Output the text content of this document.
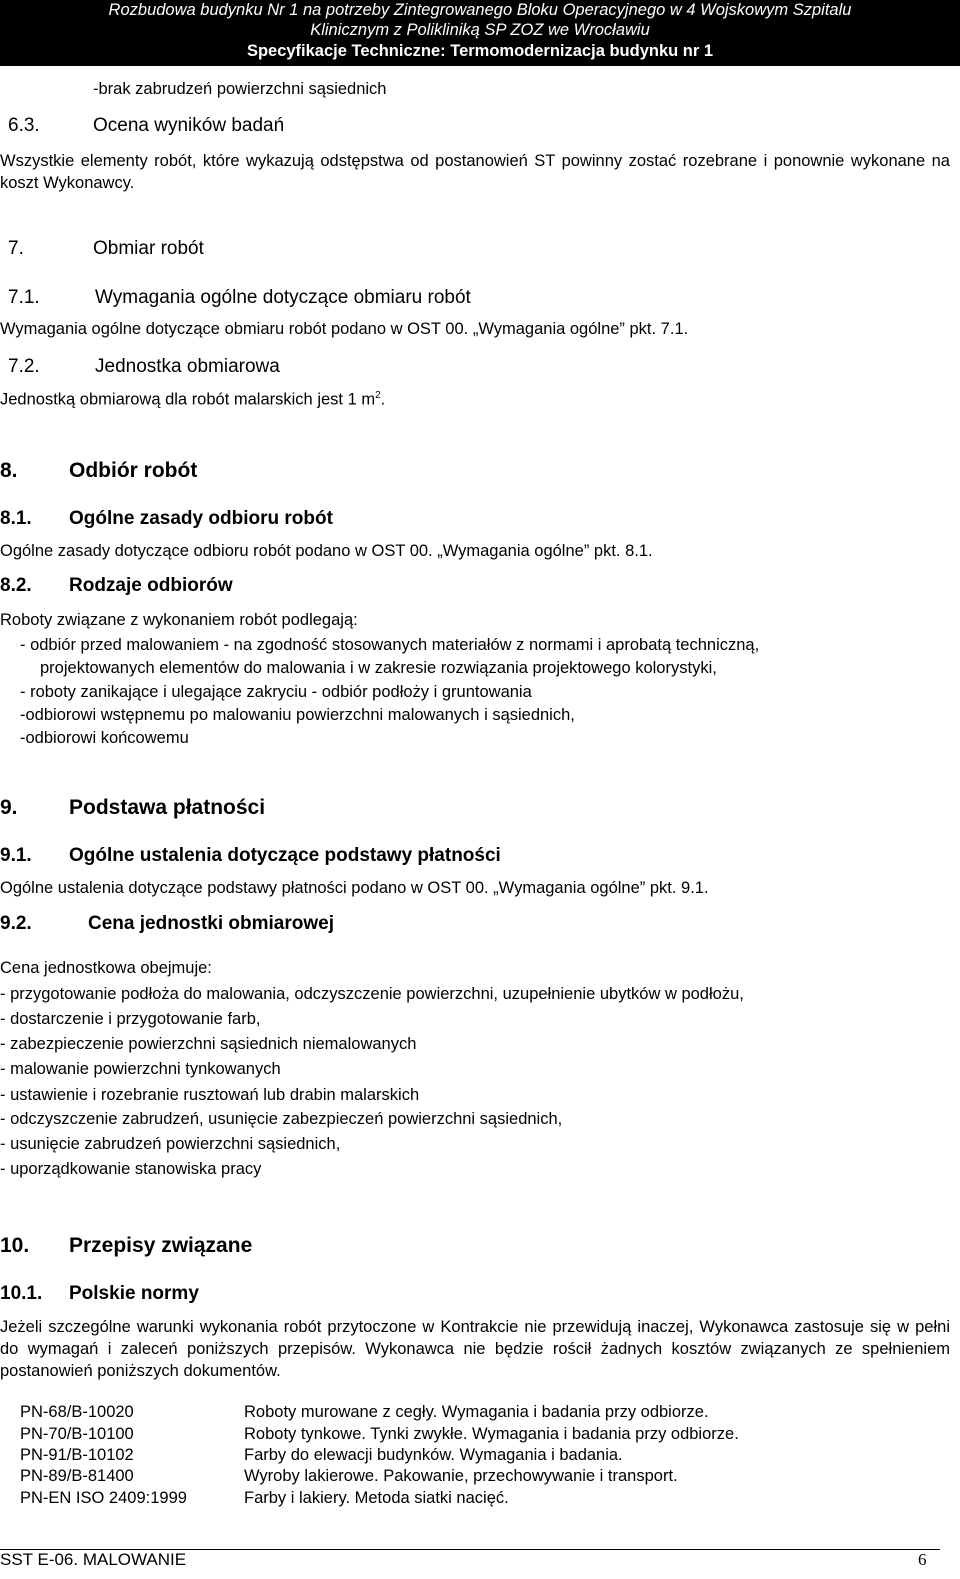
Rozbudowa budynku Nr 1 na potrzeby Zintegrowanego Bloku Operacyjnego w 4 Wojskowym Szpitalu
Klinicznym z Polikliniką SP ZOZ we Wrocławiu
Specyfikacje Techniczne: Termomodernizacja budynku nr 1
-brak zabrudzeń powierzchni sąsiednich
6.3.	Ocena wyników badań
Wszystkie elementy robót, które wykazują odstępstwa od postanowień ST powinny zostać rozebrane i ponownie wykonane na koszt Wykonawcy.
7.	Obmiar robót
7.1.	Wymagania ogólne dotyczące obmiaru robót
Wymagania ogólne dotyczące obmiaru robót podano w OST 00. „Wymagania ogólne” pkt. 7.1.
7.2.	Jednostka obmiarowa
Jednostką obmiarową dla robót malarskich jest 1 $m^2$.
8. Odbiór robót
8.1. Ogólne zasady odbioru robót
Ogólne zasady dotyczące odbioru robót podano w OST 00. „Wymagania ogólne” pkt. 8.1.
8.2. Rodzaje odbiorów
Roboty związane z wykonaniem robót podlegają:
- odbiór przed malowaniem - na zgodność stosowanych materiałów z normami i aprobatą techniczną,
projektowanych elementów do malowania i w zakresie rozwiązania projektowego kolorystyki,
- roboty zanikające i ulegające zakryciu - odbiór podłoży i gruntowania
-odbiorowi wstępnemu po malowaniu powierzchni malowanych i sąsiednich,
-odbiorowi końcowemu
9. Podstawa płatności
9.1. Ogólne ustalenia dotyczące podstawy płatności
Ogólne ustalenia dotyczące podstawy płatności podano w OST 00. „Wymagania ogólne” pkt. 9.1.
9.2.	Cena jednostki obmiarowej
Cena jednostkowa obejmuje:
- przygotowanie podłoża do malowania, odczyszczenie powierzchni, uzupełnienie ubytków w podłożu,
- dostarczenie i przygotowanie farb,
- zabezpieczenie powierzchni sąsiednich niemalowanych
- malowanie powierzchni tynkowanych
- ustawienie i rozebranie rusztowań lub drabin malarskich
- odczyszczenie zabrudzeń, usunięcie zabezpieczeń powierzchni sąsiednich,
- usunięcie zabrudzeń powierzchni sąsiednich,
- uporządkowanie stanowiska pracy
10. Przepisy związane
10.1. Polskie normy
Jeżeli szczególne warunki wykonania robót przytoczone w Kontrakcie nie przewidują inaczej, Wykonawca zastosuje się w pełni do wymagań i zaleceń poniższych przepisów. Wykonawca nie będzie rościł żadnych kosztów związanych ze spełnieniem postanowień poniższych dokumentów.
PN-68/B-10020	Roboty murowane z cegły. Wymagania i badania przy odbiorze.
PN-70/B-10100	Roboty tynkowe. Tynki zwykłe. Wymagania i badania przy odbiorze.
PN-91/B-10102	Farby do elewacji budynków. Wymagania i badania.
PN-89/B-81400	Wyroby lakierowe. Pakowanie, przechowywanie i transport.
PN-EN ISO 2409:1999	Farby i lakiery. Metoda siatki nacięć.
SST E-06. MALOWANIE	6
